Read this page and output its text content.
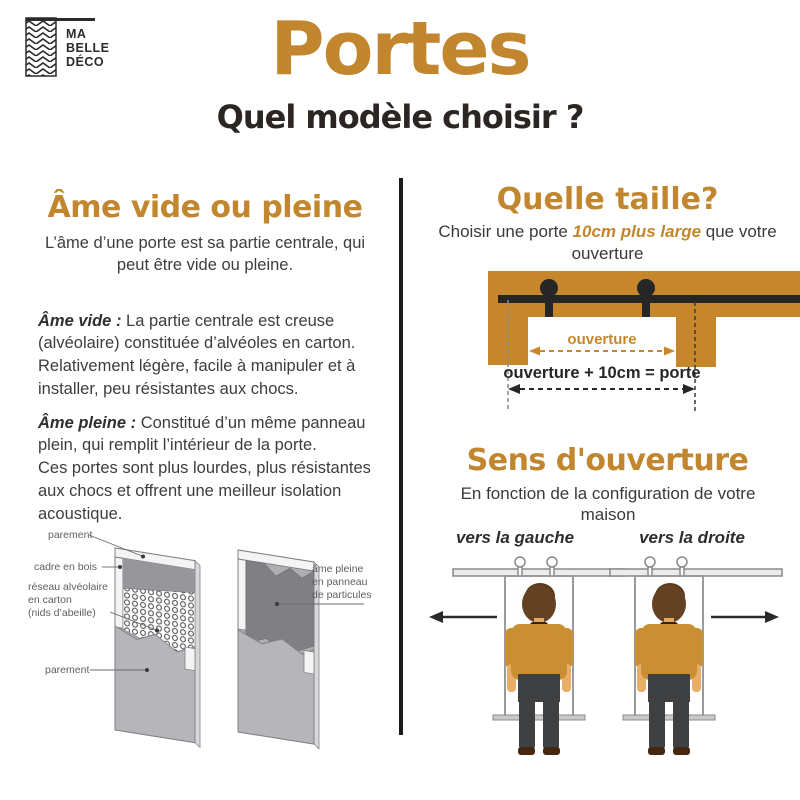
MA
BELLE
DÉCO	Portes
Quel modèle choisir ?
Âme vide ou pleine
L’âme d’une porte est sa partie centrale, qui peut être vide ou pleine.

Âme vide : La partie centrale est creuse (alvéolaire) constituée d’alvéoles en carton. Relativement légère, facile à manipuler et à installer, peu résistantes aux chocs.

Âme pleine : Constitué d’un même panneau plein, qui remplit l’intérieur de la porte.
Ces portes sont plus lourdes, plus résistantes aux chocs et offrent une meilleur isolation acoustique.

parement
cadre en bois
réseau alvéolaire
en carton
(nids d’abeille)
parement
âme pleine
en panneau
de particules
Quelle taille?
Choisir une porte 10cm plus large que votre ouverture
ouverture
ouverture + 10cm = porte
Sens d'ouverture
En fonction de la configuration de votre maison
vers la gauche	vers la droite
